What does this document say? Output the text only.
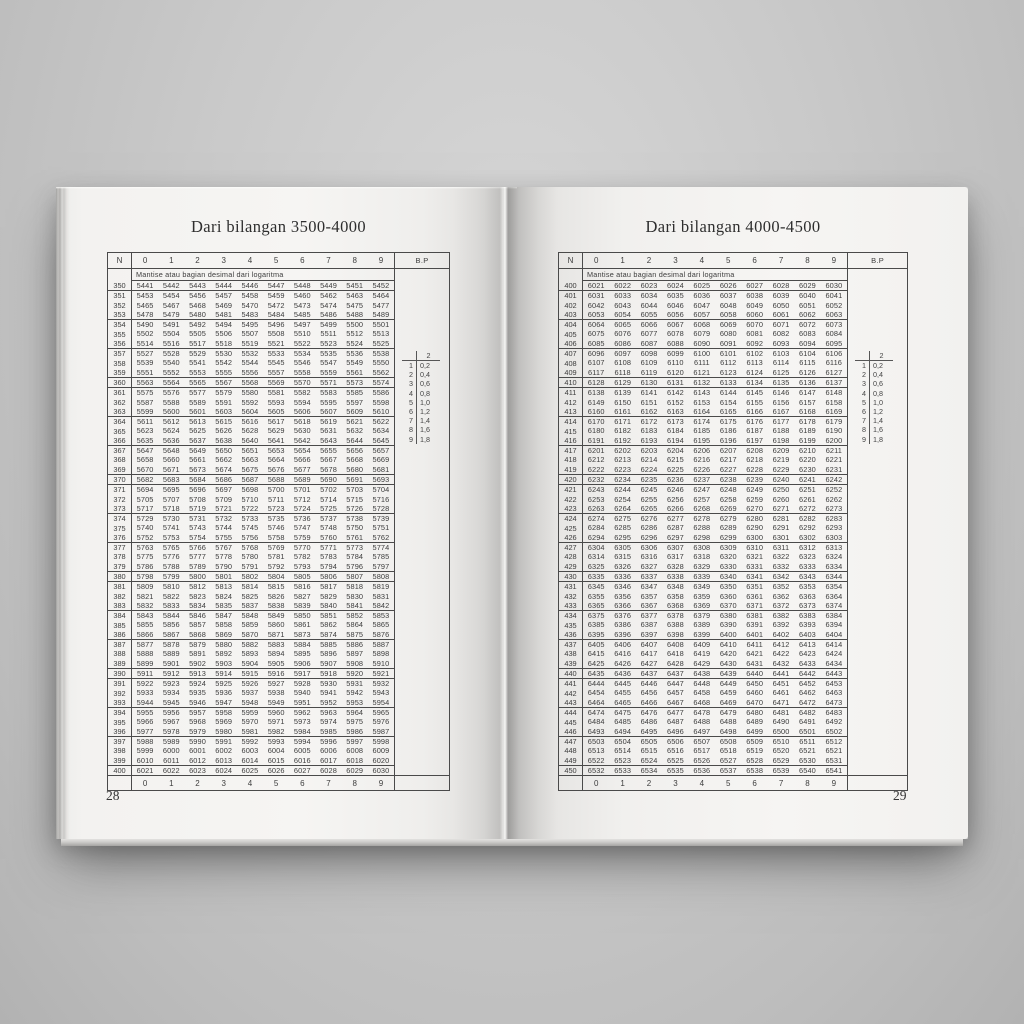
Dari bilangan 3500-4000
N	0	1	2	3	4	5	6	7	8	9	B.P
Mantise atau bagian desimal dari logaritma
350	5441	5442	5443	5444	5446	5447	5448	5449	5451	5452
351	5453	5454	5456	5457	5458	5459	5460	5462	5463	5464
352	5465	5467	5468	5469	5470	5472	5473	5474	5475	5477
353	5478	5479	5480	5481	5483	5484	5485	5486	5488	5489
354	5490	5491	5492	5494	5495	5496	5497	5499	5500	5501
355	5502	5504	5505	5506	5507	5508	5510	5511	5512	5513
356	5514	5516	5517	5518	5519	5521	5522	5523	5524	5525
357	5527	5528	5529	5530	5532	5533	5534	5535	5536	5538
358	5539	5540	5541	5542	5544	5545	5546	5547	5549	5550
359	5551	5552	5553	5555	5556	5557	5558	5559	5561	5562
360	5563	5564	5565	5567	5568	5569	5570	5571	5573	5574
361	5575	5576	5577	5579	5580	5581	5582	5583	5585	5586
362	5587	5588	5589	5591	5592	5593	5594	5595	5597	5598
363	5599	5600	5601	5603	5604	5605	5606	5607	5609	5610
364	5611	5612	5613	5615	5616	5617	5618	5619	5621	5622
365	5623	5624	5625	5626	5628	5629	5630	5631	5632	5634
366	5635	5636	5637	5638	5640	5641	5642	5643	5644	5645
367	5647	5648	5649	5650	5651	5653	5654	5655	5656	5657
368	5658	5660	5661	5662	5663	5664	5666	5667	5668	5669
369	5670	5671	5673	5674	5675	5676	5677	5678	5680	5681
370	5682	5683	5684	5686	5687	5688	5689	5690	5691	5693
371	5694	5695	5696	5697	5698	5700	5701	5702	5703	5704
372	5705	5707	5708	5709	5710	5711	5712	5714	5715	5716
373	5717	5718	5719	5721	5722	5723	5724	5725	5726	5728
374	5729	5730	5731	5732	5733	5735	5736	5737	5738	5739
375	5740	5741	5743	5744	5745	5746	5747	5748	5750	5751
376	5752	5753	5754	5755	5756	5758	5759	5760	5761	5762
377	5763	5765	5766	5767	5768	5769	5770	5771	5773	5774
378	5775	5776	5777	5778	5780	5781	5782	5783	5784	5785
379	5786	5788	5789	5790	5791	5792	5793	5794	5796	5797
380	5798	5799	5800	5801	5802	5804	5805	5806	5807	5808
381	5809	5810	5812	5813	5814	5815	5816	5817	5818	5819
382	5821	5822	5823	5824	5825	5826	5827	5829	5830	5831
383	5832	5833	5834	5835	5837	5838	5839	5840	5841	5842
384	5843	5844	5846	5847	5848	5849	5850	5851	5852	5853
385	5855	5856	5857	5858	5859	5860	5861	5862	5864	5865
386	5866	5867	5868	5869	5870	5871	5873	5874	5875	5876
387	5877	5878	5879	5880	5882	5883	5884	5885	5886	5887
388	5888	5889	5891	5892	5893	5894	5895	5896	5897	5898
389	5899	5901	5902	5903	5904	5905	5906	5907	5908	5910
390	5911	5912	5913	5914	5915	5916	5917	5918	5920	5921
391	5922	5923	5924	5925	5926	5927	5928	5930	5931	5932
392	5933	5934	5935	5936	5937	5938	5940	5941	5942	5943
393	5944	5945	5946	5947	5948	5949	5951	5952	5953	5954
394	5955	5956	5957	5958	5959	5960	5962	5963	5964	5965
395	5966	5967	5968	5969	5970	5971	5973	5974	5975	5976
396	5977	5978	5979	5980	5981	5982	5984	5985	5986	5987
397	5988	5989	5990	5991	5992	5993	5994	5996	5997	5998
398	5999	6000	6001	6002	6003	6004	6005	6006	6008	6009
399	6010	6011	6012	6013	6014	6015	6016	6017	6018	6020
400	6021	6022	6023	6024	6025	6026	6027	6028	6029	6030
2
1 0,2
2 0,4
3 0,6
4 0,8
5 1,0
6 1,2
7 1,4
8 1,6
9 1,8
0	1	2	3	4	5	6	7	8	9
28
Dari bilangan 4000-4500
N	0	1	2	3	4	5	6	7	8	9	B.P
Mantise atau bagian desimal dari logaritma
400	6021	6022	6023	6024	6025	6026	6027	6028	6029	6030
401	6031	6033	6034	6035	6036	6037	6038	6039	6040	6041
402	6042	6043	6044	6046	6047	6048	6049	6050	6051	6052
403	6053	6054	6055	6056	6057	6058	6060	6061	6062	6063
404	6064	6065	6066	6067	6068	6069	6070	6071	6072	6073
405	6075	6076	6077	6078	6079	6080	6081	6082	6083	6084
406	6085	6086	6087	6088	6090	6091	6092	6093	6094	6095
407	6096	6097	6098	6099	6100	6101	6102	6103	6104	6106
408	6107	6108	6109	6110	6111	6112	6113	6114	6115	6116
409	6117	6118	6119	6120	6121	6123	6124	6125	6126	6127
410	6128	6129	6130	6131	6132	6133	6134	6135	6136	6137
411	6138	6139	6141	6142	6143	6144	6145	6146	6147	6148
412	6149	6150	6151	6152	6153	6154	6155	6156	6157	6158
413	6160	6161	6162	6163	6164	6165	6166	6167	6168	6169
414	6170	6171	6172	6173	6174	6175	6176	6177	6178	6179
415	6180	6182	6183	6184	6185	6186	6187	6188	6189	6190
416	6191	6192	6193	6194	6195	6196	6197	6198	6199	6200
417	6201	6202	6203	6204	6206	6207	6208	6209	6210	6211
418	6212	6213	6214	6215	6216	6217	6218	6219	6220	6221
419	6222	6223	6224	6225	6226	6227	6228	6229	6230	6231
420	6232	6234	6235	6236	6237	6238	6239	6240	6241	6242
421	6243	6244	6245	6246	6247	6248	6249	6250	6251	6252
422	6253	6254	6255	6256	6257	6258	6259	6260	6261	6262
423	6263	6264	6265	6266	6268	6269	6270	6271	6272	6273
424	6274	6275	6276	6277	6278	6279	6280	6281	6282	6283
425	6284	6285	6286	6287	6288	6289	6290	6291	6292	6293
426	6294	6295	6296	6297	6298	6299	6300	6301	6302	6303
427	6304	6305	6306	6307	6308	6309	6310	6311	6312	6313
428	6314	6315	6316	6317	6318	6320	6321	6322	6323	6324
429	6325	6326	6327	6328	6329	6330	6331	6332	6333	6334
430	6335	6336	6337	6338	6339	6340	6341	6342	6343	6344
431	6345	6346	6347	6348	6349	6350	6351	6352	6353	6354
432	6355	6356	6357	6358	6359	6360	6361	6362	6363	6364
433	6365	6366	6367	6368	6369	6370	6371	6372	6373	6374
434	6375	6376	6377	6378	6379	6380	6381	6382	6383	6384
435	6385	6386	6387	6388	6389	6390	6391	6392	6393	6394
436	6395	6396	6397	6398	6399	6400	6401	6402	6403	6404
437	6405	6406	6407	6408	6409	6410	6411	6412	6413	6414
438	6415	6416	6417	6418	6419	6420	6421	6422	6423	6424
439	6425	6426	6427	6428	6429	6430	6431	6432	6433	6434
440	6435	6436	6437	6437	6438	6439	6440	6441	6442	6443
441	6444	6445	6446	6447	6448	6449	6450	6451	6452	6453
442	6454	6455	6456	6457	6458	6459	6460	6461	6462	6463
443	6464	6465	6466	6467	6468	6469	6470	6471	6472	6473
444	6474	6475	6476	6477	6478	6479	6480	6481	6482	6483
445	6484	6485	6486	6487	6488	6488	6489	6490	6491	6492
446	6493	6494	6495	6496	6497	6498	6499	6500	6501	6502
447	6503	6504	6505	6506	6507	6508	6509	6510	6511	6512
448	6513	6514	6515	6516	6517	6518	6519	6520	6521	6521
449	6522	6523	6524	6525	6526	6527	6528	6529	6530	6531
450	6532	6533	6534	6535	6536	6537	6538	6539	6540	6541
2
1 0,2
2 0,4
3 0,6
4 0,8
5 1,0
6 1,2
7 1,4
8 1,6
9 1,8
0	1	2	3	4	5	6	7	8	9
29
